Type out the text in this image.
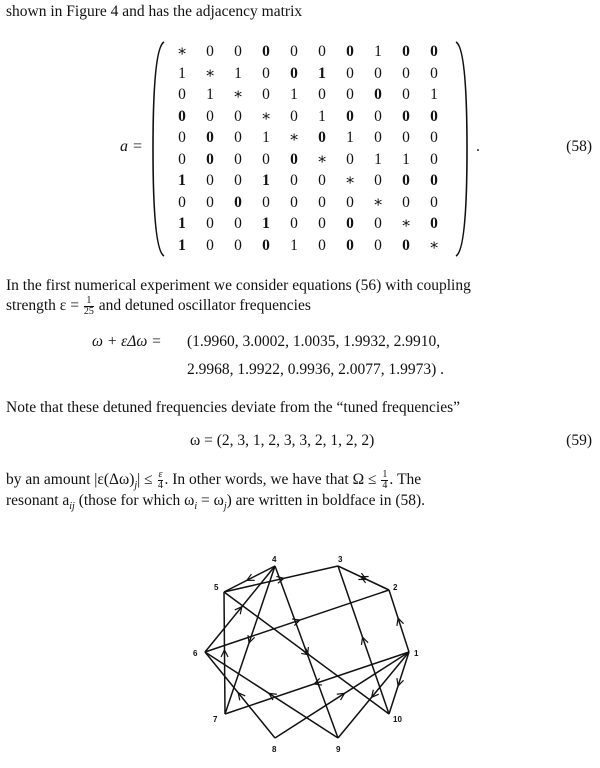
shown in Figure 4 and has the adjacency matrix
a =
∗	0	0	0	0	0	0	1	0	0
1	∗	1	0	0	1	0	0	0	0
0	1	∗	0	1	0	0	0	0	1
0	0	0	∗	0	1	0	0	0	0
0	0	0	1	∗	0	1	0	0	0
0	0	0	0	0	∗	0	1	1	0
1	0	0	1	0	0	∗	0	0	0
0	0	0	0	0	0	0	∗	0	0
1	0	0	1	0	0	0	0	∗	0
1	0	0	0	1	0	0	0	0	∗
.	(58)
In the first numerical experiment we consider equations (56) with coupling
strength $\varepsilon = \frac{1}{25}$ and detuned oscillator frequencies
ω + εΔω = (1.9960, 3.0002, 1.0035, 1.9932, 2.9910,
2.9968, 1.9922, 0.9936, 2.0077, 1.9973) .
Note that these detuned frequencies deviate from the “tuned frequencies”
ω = (2, 3, 1, 2, 3, 3, 2, 1, 2, 2)	(59)
by an amount $|\varepsilon(\Delta\omega)_j| \le \frac{\varepsilon}{4}$ . In other words, we have that $\Omega \le \frac{1}{4}$ . The
resonant $a_{ij}$ (those for which $\omega_i = \omega_j$) are written in boldface in (58).
1
2
3
4
5
6
7
8	9
10
